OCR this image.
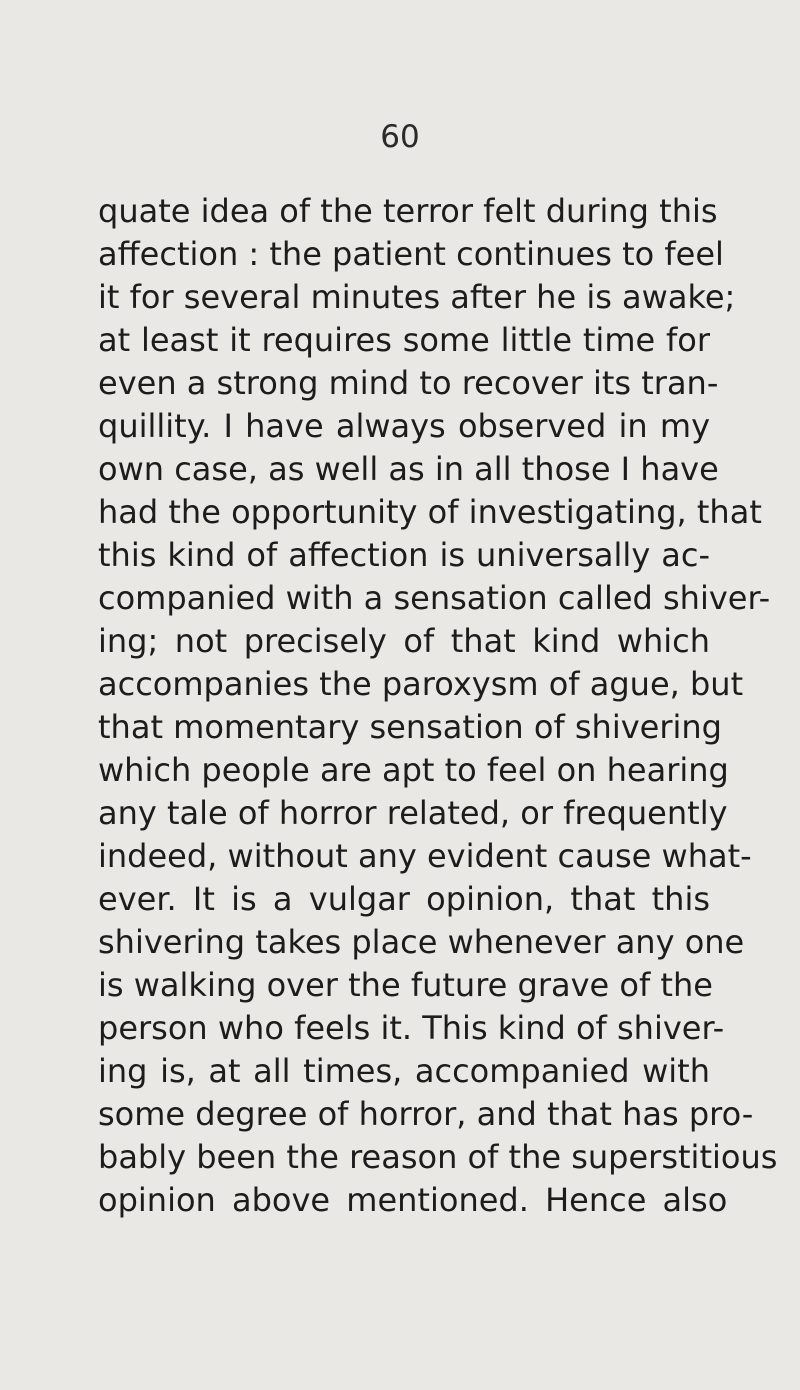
60
quate idea of the terror felt during this
affection : the patient continues to feel
it for several minutes after he is awake;
at least it requires some little time for
even a strong mind to recover its tran-
quillity. I have always observed in my
own case, as well as in all those I have
had the opportunity of investigating, that
this kind of affection is universally ac-
companied with a sensation called shiver-
ing; not precisely of that kind which
accompanies the paroxysm of ague, but
that momentary sensation of shivering
which people are apt to feel on hearing
any tale of horror related, or frequently
indeed, without any evident cause what-
ever. It is a vulgar opinion, that this
shivering takes place whenever any one
is walking over the future grave of the
person who feels it. This kind of shiver-
ing is, at all times, accompanied with
some degree of horror, and that has pro-
bably been the reason of the superstitious
opinion above mentioned. Hence also
